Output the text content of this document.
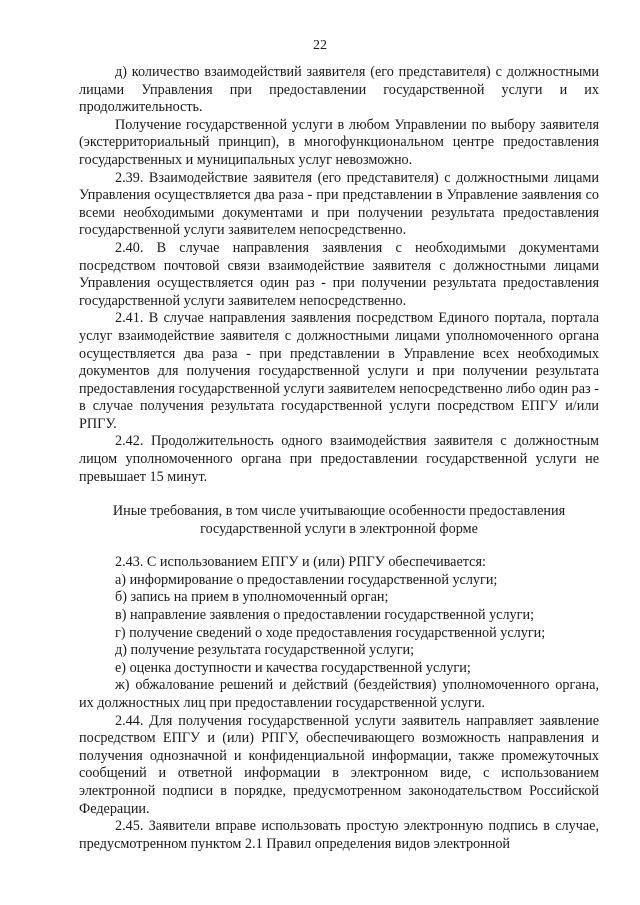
22

д) количество взаимодействий заявителя (его представителя) с должностными лицами Управления при предоставлении государственной услуги и их продолжительность.

Получение государственной услуги в любом Управлении по выбору заявителя (экстерриториальный принцип), в многофункциональном центре предоставления государственных и муниципальных услуг невозможно.

2.39. Взаимодействие заявителя (его представителя) с должностными лицами Управления осуществляется два раза - при представлении в Управление заявления со всеми необходимыми документами и при получении результата предоставления государственной услуги заявителем непосредственно.

2.40. В случае направления заявления с необходимыми документами посредством почтовой связи взаимодействие заявителя с должностными лицами Управления осуществляется один раз - при получении результата предоставления государственной услуги заявителем непосредственно.

2.41. В случае направления заявления посредством Единого портала, портала услуг взаимодействие заявителя с должностными лицами уполномоченного органа осуществляется два раза - при представлении в Управление всех необходимых документов для получения государственной услуги и при получении результата предоставления государственной услуги заявителем непосредственно либо один раз - в случае получения результата государственной услуги посредством ЕПГУ и/или РПГУ.

2.42. Продолжительность одного взаимодействия заявителя с должностным лицом уполномоченного органа при предоставлении государственной услуги не превышает 15 минут.

Иные требования, в том числе учитывающие особенности предоставления
государственной услуги в электронной форме

2.43. С использованием ЕПГУ и (или) РПГУ обеспечивается:

а) информирование о предоставлении государственной услуги;

б) запись на прием в уполномоченный орган;

в) направление заявления о предоставлении государственной услуги;

г) получение сведений о ходе предоставления государственной услуги;

д) получение результата государственной услуги;

е) оценка доступности и качества государственной услуги;

ж) обжалование решений и действий (бездействия) уполномоченного органа, их должностных лиц при предоставлении государственной услуги.

2.44. Для получения государственной услуги заявитель направляет заявление посредством ЕПГУ и (или) РПГУ, обеспечивающего возможность направления и получения однозначной и конфиденциальной информации, также промежуточных сообщений и ответной информации в электронном виде, с использованием электронной подписи в порядке, предусмотренном законодательством Российской Федерации.

2.45. Заявители вправе использовать простую электронную подпись в случае, предусмотренном пунктом 2.1 Правил определения видов электронной
